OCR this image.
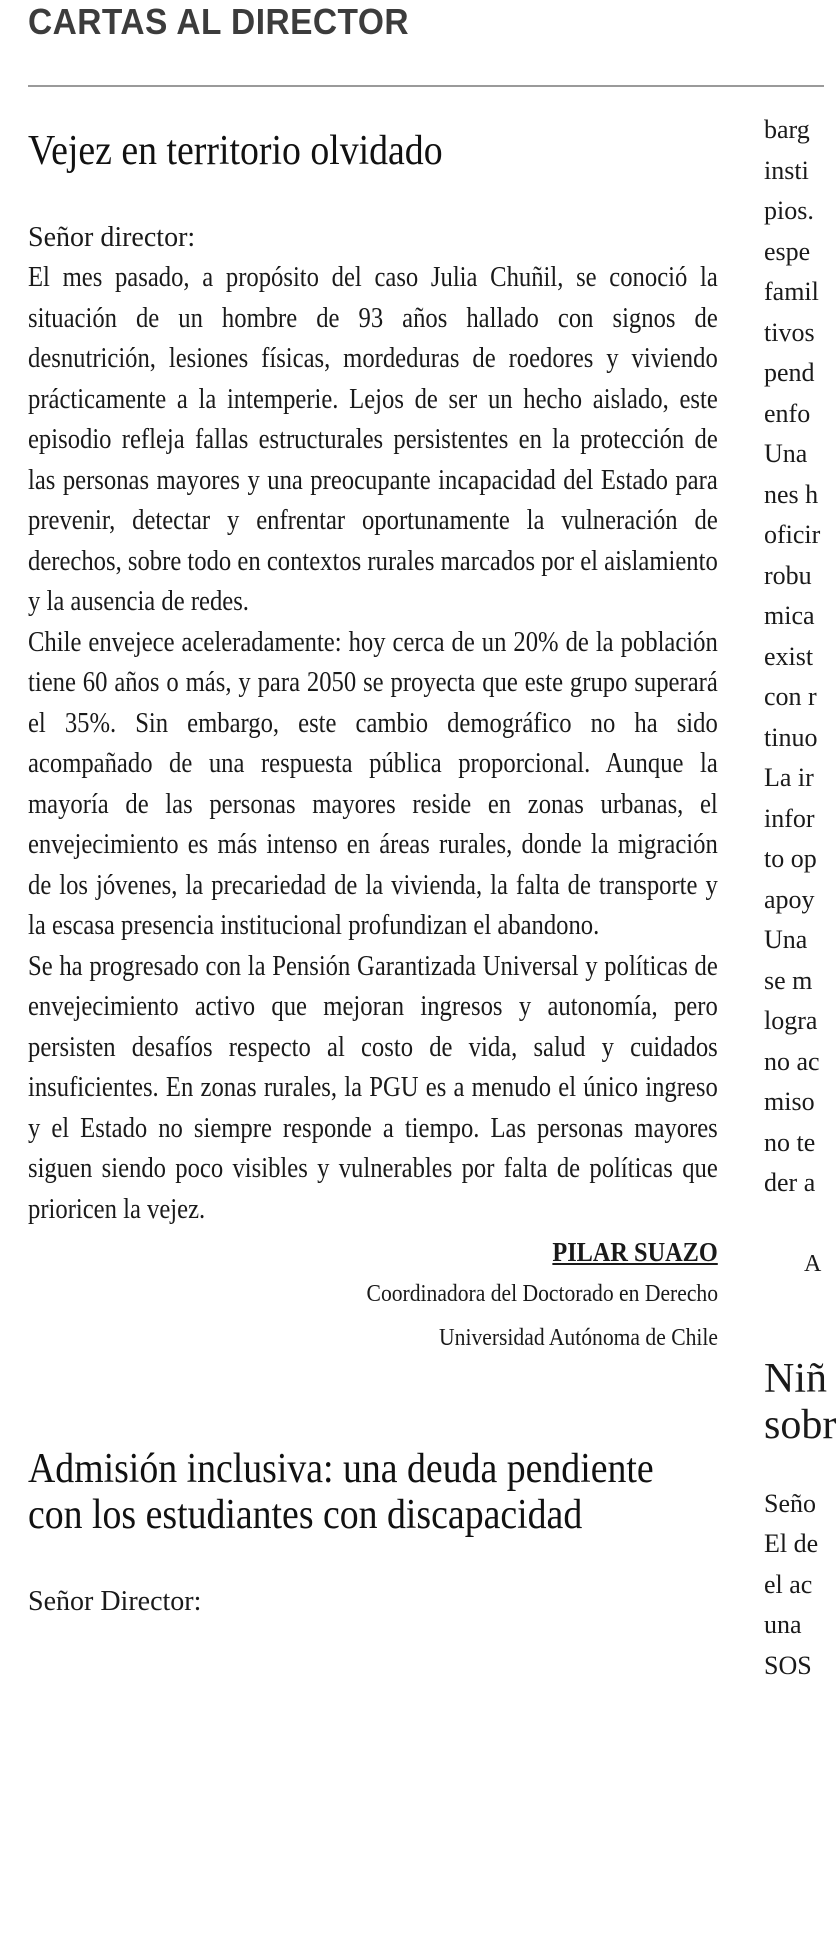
CARTAS AL DIRECTOR
Vejez en territorio olvidado
Señor director:

El mes pasado, a propósito del caso Julia Chuñil, se conoció la situación de un hombre de 93 años hallado con signos de desnutrición, lesiones físicas, mordeduras de roedores y viviendo prácticamente a la intemperie. Lejos de ser un hecho aislado, este episodio refleja fallas estructurales persistentes en la protección de las personas mayores y una preocupante incapacidad del Estado para prevenir, detectar y enfrentar oportunamente la vulneración de derechos, sobre todo en contextos rurales marcados por el aislamiento y la ausencia de redes.

Chile envejece aceleradamente: hoy cerca de un 20% de la población tiene 60 años o más, y para 2050 se proyecta que este grupo superará el 35%. Sin embargo, este cambio demográfico no ha sido acompañado de una respuesta pública proporcional. Aunque la mayoría de las personas mayores reside en zonas urbanas, el envejecimiento es más intenso en áreas rurales, donde la migración de los jóvenes, la precariedad de la vivienda, la falta de transporte y la escasa presencia institucional profundizan el abandono.

Se ha progresado con la Pensión Garantizada Universal y políticas de envejecimiento activo que mejoran ingresos y autonomía, pero persisten desafíos respecto al costo de vida, salud y cuidados insuficientes. En zonas rurales, la PGU es a menudo el único ingreso y el Estado no siempre responde a tiempo. Las personas mayores siguen siendo poco visibles y vulnerables por falta de políticas que prioricen la vejez.

PILAR SUAZO
Coordinadora del Doctorado en Derecho
Universidad Autónoma de Chile
Admisión inclusiva: una deuda pendiente con los estudiantes con discapacidad
Señor Director:
barg
insti
pios.
espe
famil
tivos
pend
enfo
Una
nes h
oficir
robu
mica
exist
con r
tinuo
La ir
infor
to op
apoy
Una
se m
logra
no ac
miso
no te
der a
A
Niñ
sobr
Seño
El de
el ac
una
SOS
